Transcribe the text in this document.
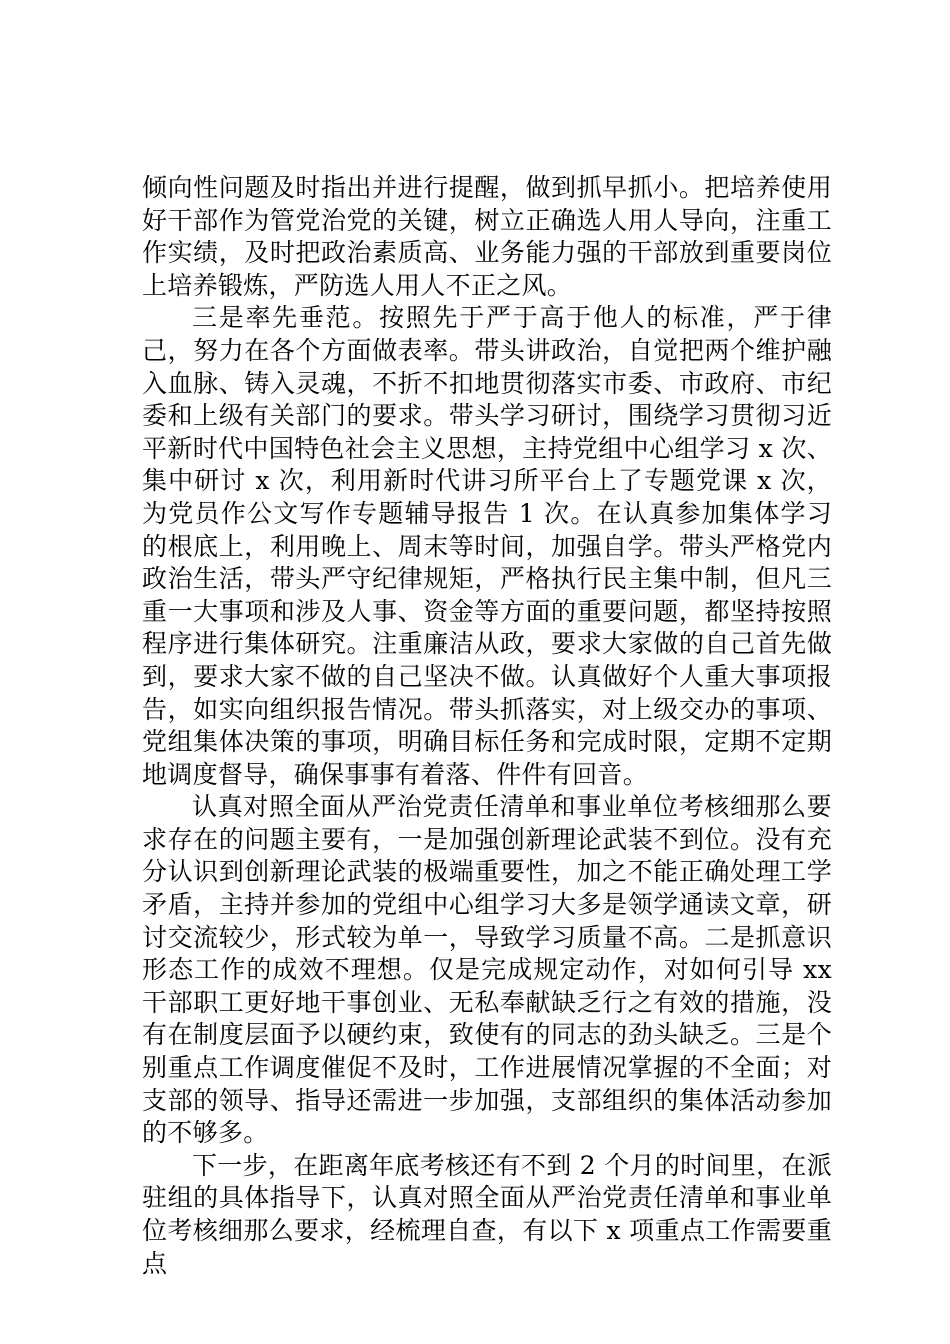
倾向性问题及时指出并进行提醒，做到抓早抓小。把培养使用好干部作为管党治党的关键，树立正确选人用人导向，注重工作实绩，及时把政治素质高、业务能力强的干部放到重要岗位上培养锻炼，严防选人用人不正之风。

三是率先垂范。按照先于严于高于他人的标准，严于律己，努力在各个方面做表率。带头讲政治，自觉把两个维护融入血脉、铸入灵魂，不折不扣地贯彻落实市委、市政府、市纪委和上级有关部门的要求。带头学习研讨，围绕学习贯彻习近平新时代中国特色社会主义思想，主持党组中心组学习 x 次、集中研讨 x 次，利用新时代讲习所平台上了专题党课 x 次，为党员作公文写作专题辅导报告 1 次。在认真参加集体学习的根底上，利用晚上、周末等时间，加强自学。带头严格党内政治生活，带头严守纪律规矩，严格执行民主集中制，但凡三重一大事项和涉及人事、资金等方面的重要问题，都坚持按照程序进行集体研究。注重廉洁从政，要求大家做的自己首先做到，要求大家不做的自己坚决不做。认真做好个人重大事项报告，如实向组织报告情况。带头抓落实，对上级交办的事项、党组集体决策的事项，明确目标任务和完成时限，定期不定期地调度督导，确保事事有着落、件件有回音。

认真对照全面从严治党责任清单和事业单位考核细那么要求存在的问题主要有，一是加强创新理论武装不到位。没有充分认识到创新理论武装的极端重要性，加之不能正确处理工学矛盾，主持并参加的党组中心组学习大多是领学通读文章，研讨交流较少，形式较为单一，导致学习质量不高。二是抓意识形态工作的成效不理想。仅是完成规定动作，对如何引导 xx 干部职工更好地干事创业、无私奉献缺乏行之有效的措施，没有在制度层面予以硬约束，致使有的同志的劲头缺乏。三是个别重点工作调度催促不及时，工作进展情况掌握的不全面；对支部的领导、指导还需进一步加强，支部组织的集体活动参加的不够多。

下一步，在距离年底考核还有不到 2 个月的时间里，在派驻组的具体指导下，认真对照全面从严治党责任清单和事业单位考核细那么要求，经梳理自查，有以下 x 项重点工作需要重点
